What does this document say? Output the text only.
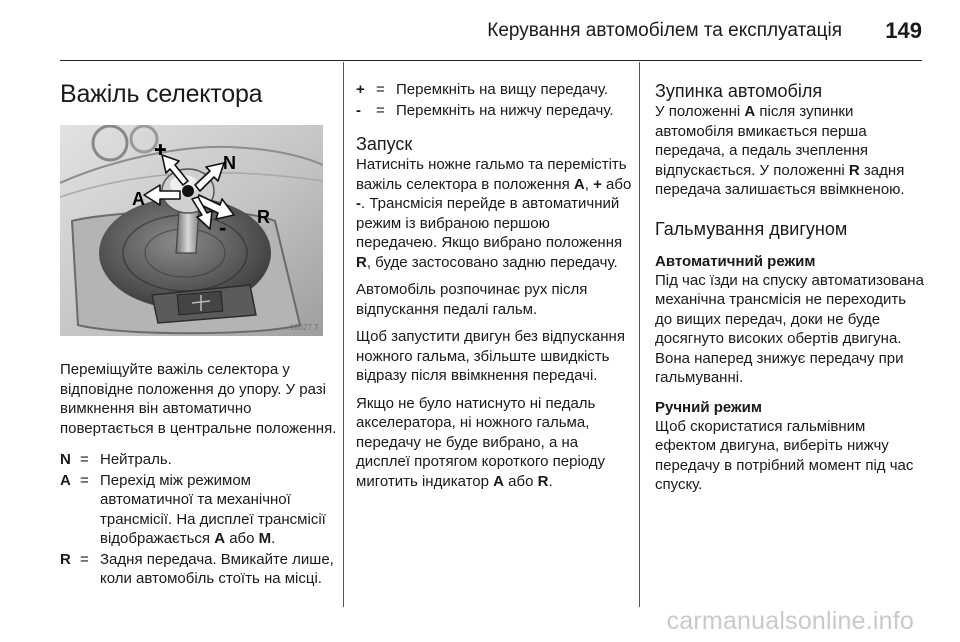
Керування автомобілем та експлуатація 149
Важіль селектора
✚
N
A
- R
18627 T

Переміщуйте важіль селектора у відповідне положення до упору. У разі вимкнення він автоматично повертається в центральне положення.

N = Нейтраль.
A = Перехід між режимом автоматичної та механічної трансмісії. На дисплеї трансмісії відображається A або M.
R = Задня передача. Вмикайте лише, коли автомобіль стоїть на місці.
+ = Перемкніть на вищу передачу.
-	= Перемкніть на нижчу передачу.
Запуск

Натисніть ножне гальмо та перемістіть важіль селектора в положення A, + або -. Трансмісія перейде в автоматичний режим із вибраною першою передачею. Якщо вибрано положення R, буде застосовано задню передачу.

Автомобіль розпочинає рух після відпускання педалі гальм.

Щоб запустити двигун без відпускання ножного гальма, збільште швидкість відразу після ввімкнення передачі.

Якщо не було натиснуто ні педаль акселератора, ні ножного гальма, передачу не буде вибрано, а на дисплеї протягом короткого періоду миготить індикатор A або R.

Зупинка автомобіля

У положенні A після зупинки автомобіля вмикається перша передача, а педаль зчеплення відпускається. У положенні R задня передача залишається ввімкненою.

Гальмування двигуном
Автоматичний режим

Під час їзди на спуску автоматизована механічна трансмісія не переходить до вищих передач, доки не буде досягнуто високих обертів двигуна. Вона наперед знижує передачу при гальмуванні.

Ручний режим

Щоб скористатися гальмівним ефектом двигуна, виберіть нижчу передачу в потрібний момент під час спуску.

carmanualsonline.info
